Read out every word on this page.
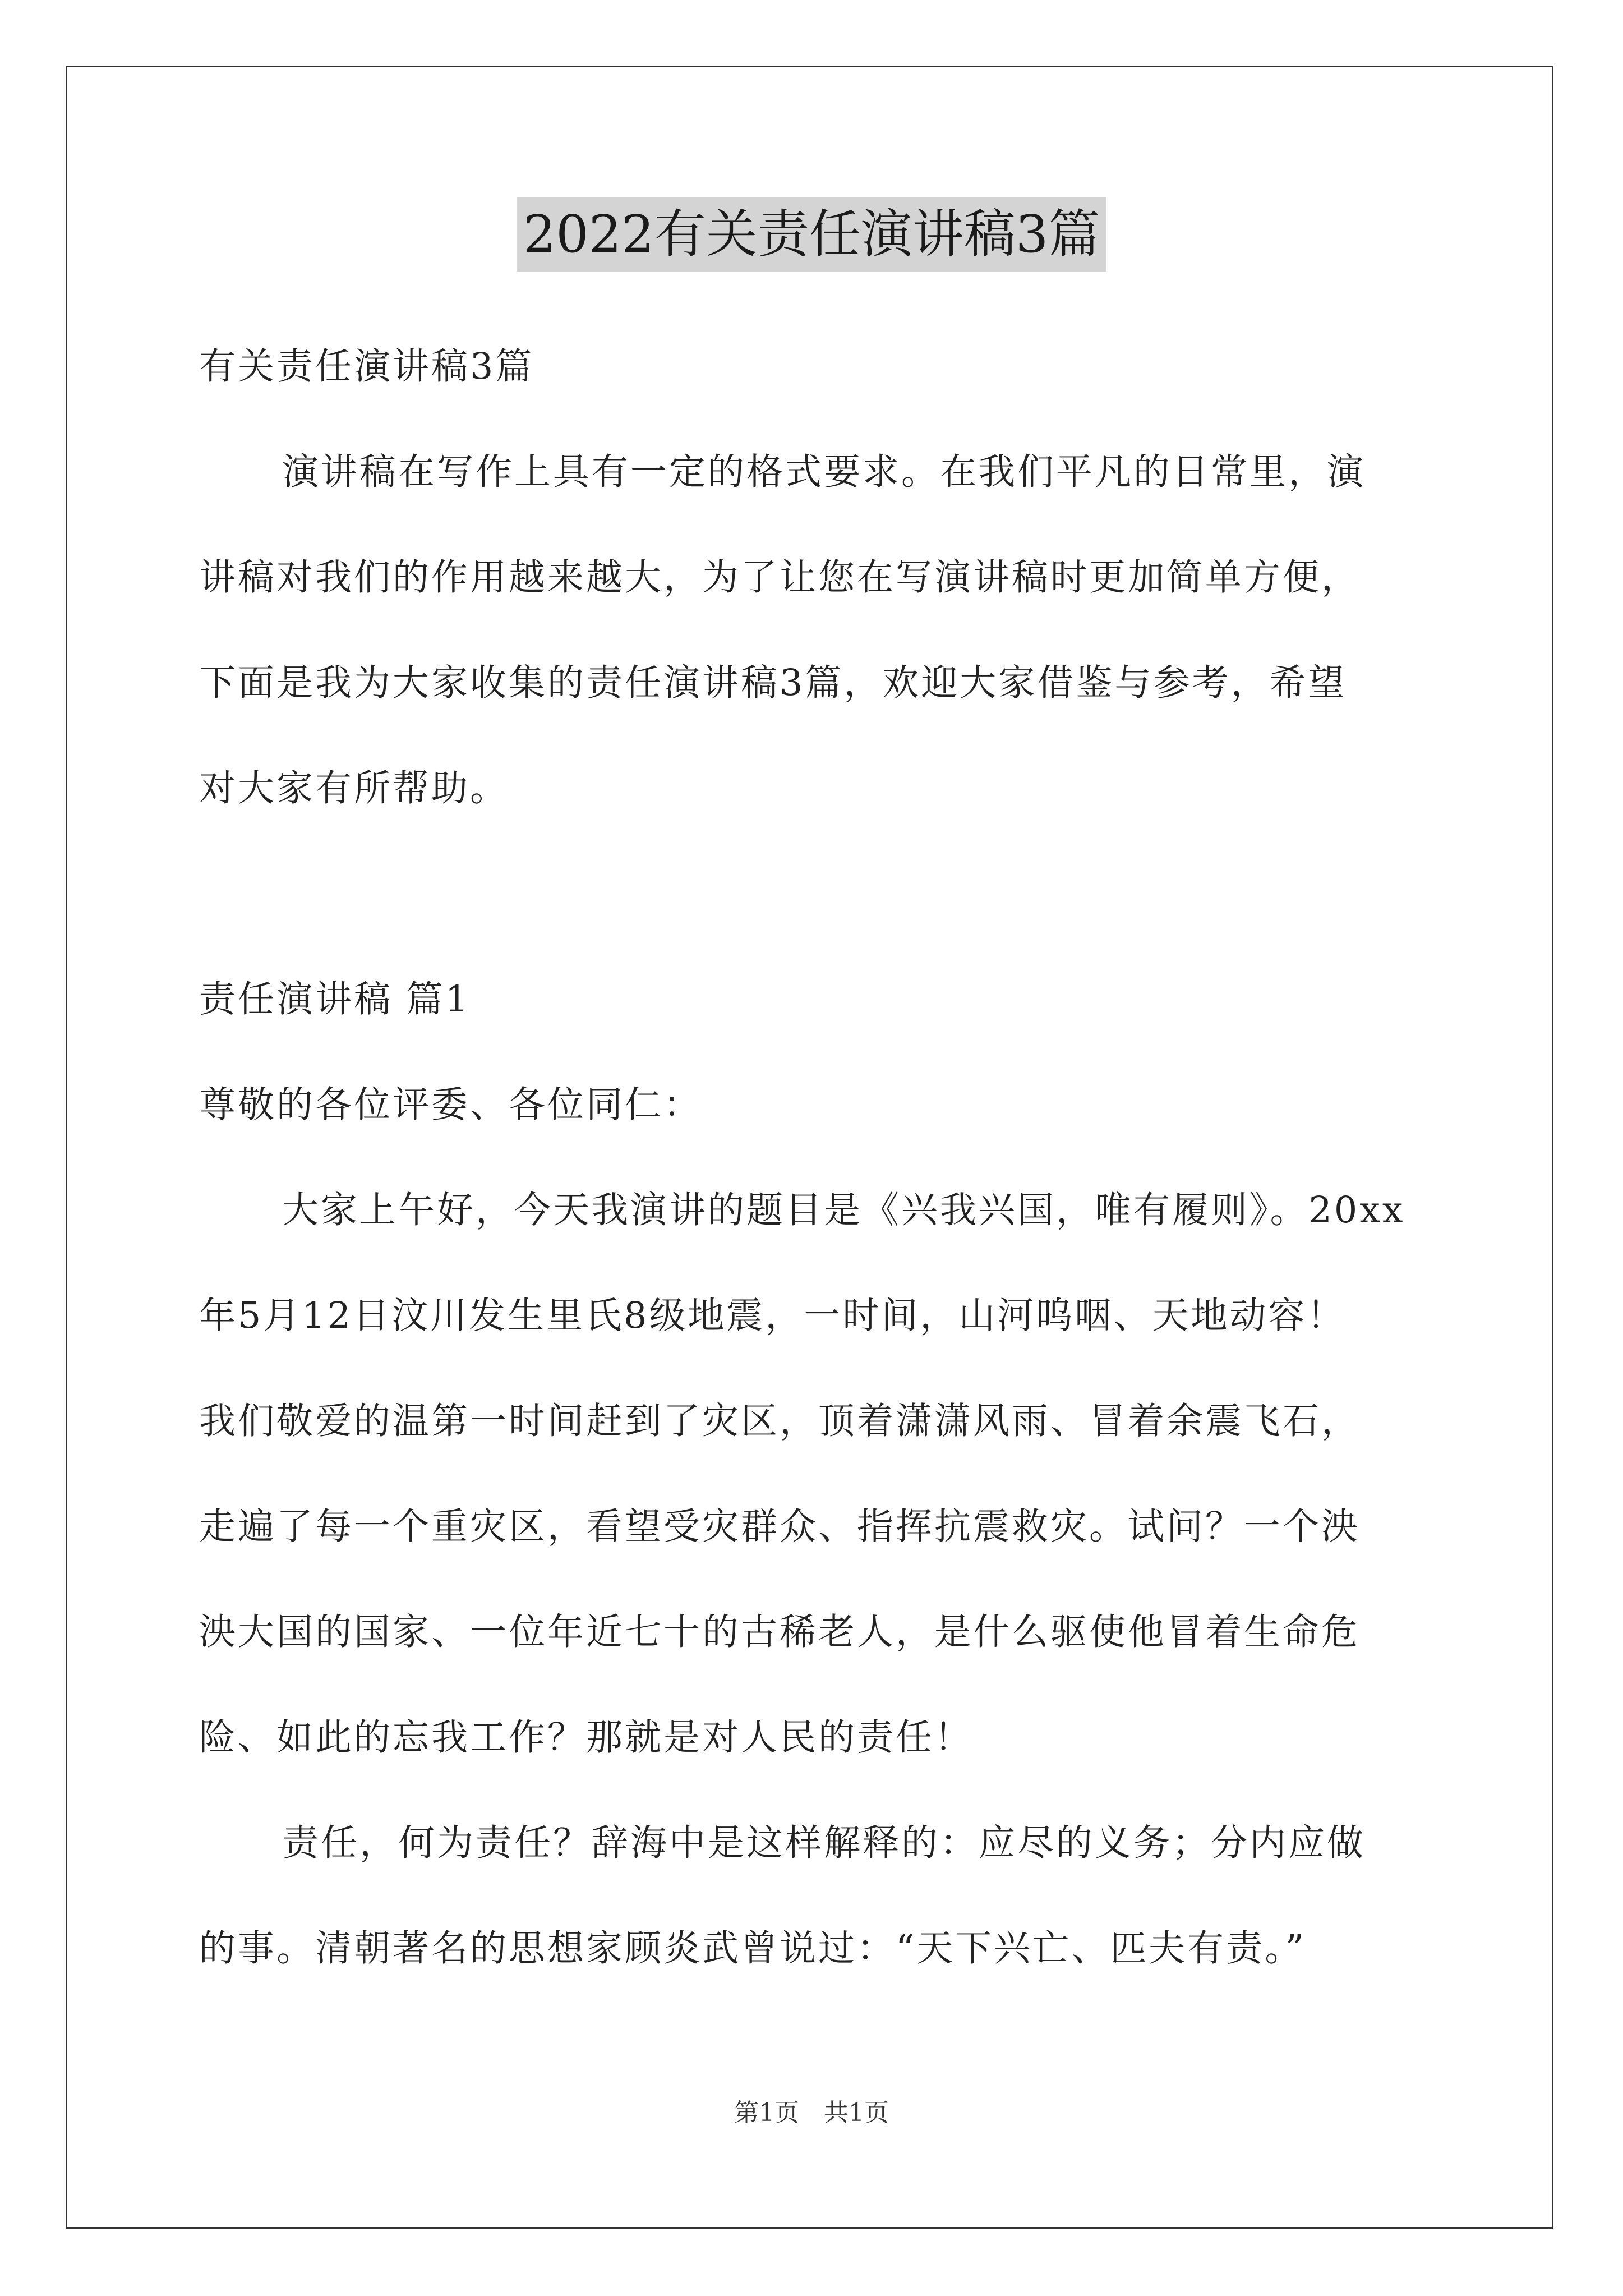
2022有关责任演讲稿3篇
有关责任演讲稿3篇
演讲稿在写作上具有一定的格式要求。在我们平凡的日常里，演
讲稿对我们的作用越来越大，为了让您在写演讲稿时更加简单方便，
下面是我为大家收集的责任演讲稿3篇，欢迎大家借鉴与参考，希望
对大家有所帮助。
责任演讲稿 篇1
尊敬的各位评委、各位同仁：
大家上午好，今天我演讲的题目是《兴我兴国，唯有履则》。20xx
年5月12日汶川发生里氏8级地震，一时间，山河呜咽、天地动容！
我们敬爱的温第一时间赶到了灾区，顶着潇潇风雨、冒着余震飞石，
走遍了每一个重灾区，看望受灾群众、指挥抗震救灾。试问？一个泱
泱大国的国家、一位年近七十的古稀老人，是什么驱使他冒着生命危
险、如此的忘我工作？那就是对人民的责任！
责任，何为责任？辞海中是这样解释的：应尽的义务；分内应做
的事。清朝著名的思想家顾炎武曾说过：“天下兴亡、匹夫有责。”
第1页　共1页
